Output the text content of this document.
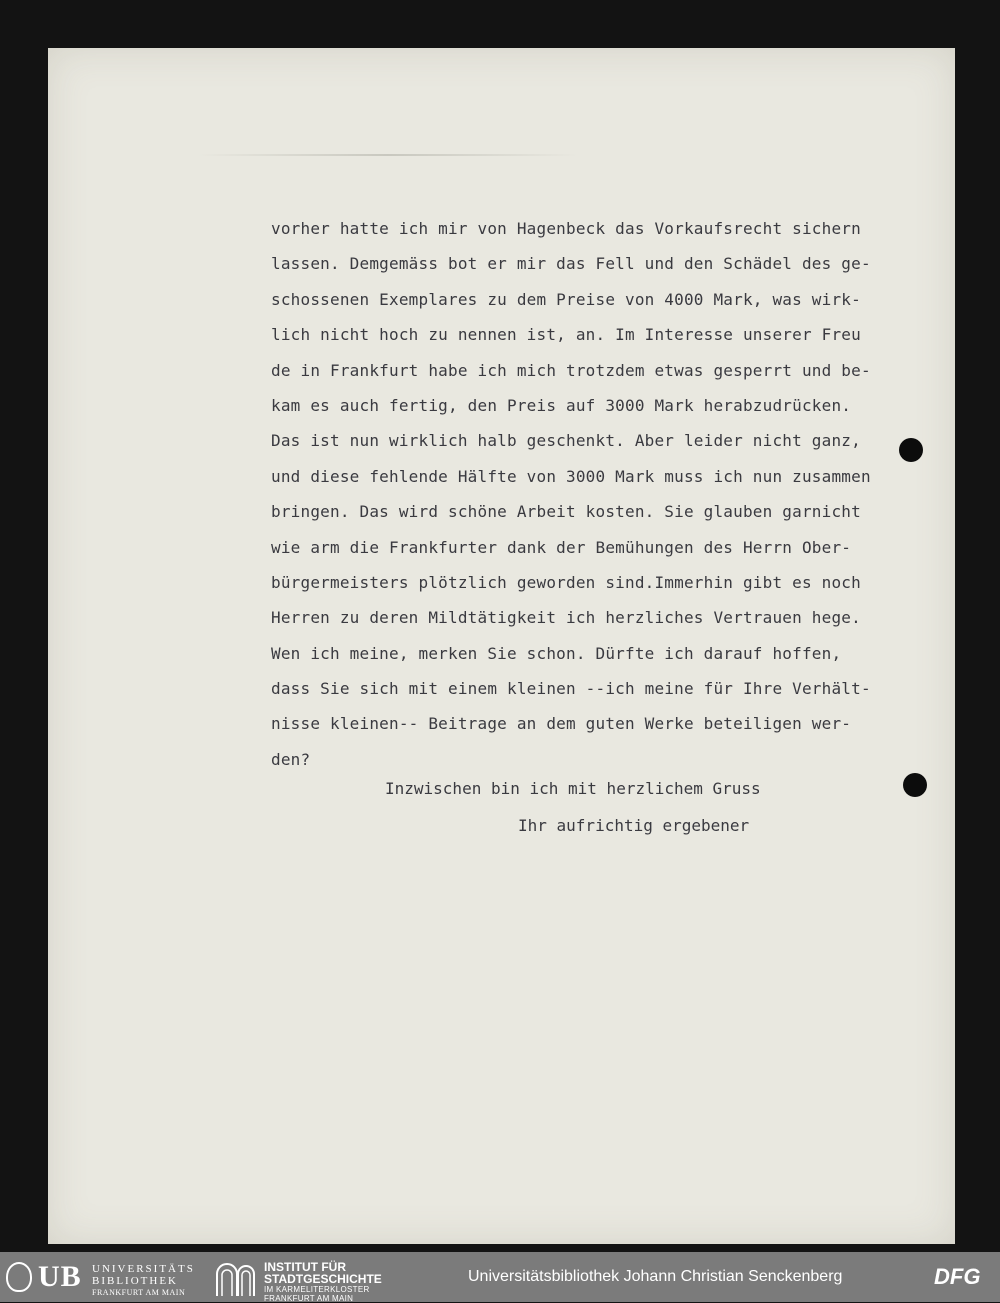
vorher hatte ich mir von Hagenbeck das Vorkaufsrecht sichern
lassen. Demgemäss bot er mir das Fell und den Schädel des ge-
schossenen Exemplares zu dem Preise von 4000 Mark, was wirk-
lich nicht hoch zu nennen ist, an. Im Interesse unserer Freu
de in Frankfurt habe ich mich trotzdem etwas gesperrt und be-
kam es auch fertig, den Preis auf 3000 Mark herabzudrücken.
Das ist nun wirklich halb geschenkt. Aber leider nicht ganz,
und diese fehlende Hälfte von 3000 Mark muss ich nun zusammen
bringen. Das wird schöne Arbeit kosten. Sie glauben garnicht
wie arm die Frankfurter dank der Bemühungen des Herrn Ober-
bürgermeisters plötzlich geworden sind.Immerhin gibt es noch
Herren zu deren Mildtätigkeit ich herzliches Vertrauen hege.
Wen ich meine, merken Sie schon. Dürfte ich darauf hoffen,
dass Sie sich mit einem kleinen --ich meine für Ihre Verhält-
nisse kleinen-- Beitrage an dem guten Werke beteiligen wer-
den?
Inzwischen bin ich mit herzlichem Gruss
Ihr aufrichtig ergebener
UB UNIVERSITÄTS
BIBLIOTHEK
FRANKFURT AM MAIN
INSTITUT FÜR
STADTGESCHICHTE
IM KARMELITERKLOSTER
FRANKFURT AM MAIN
Universitätsbibliothek Johann Christian Senckenberg	DFG
